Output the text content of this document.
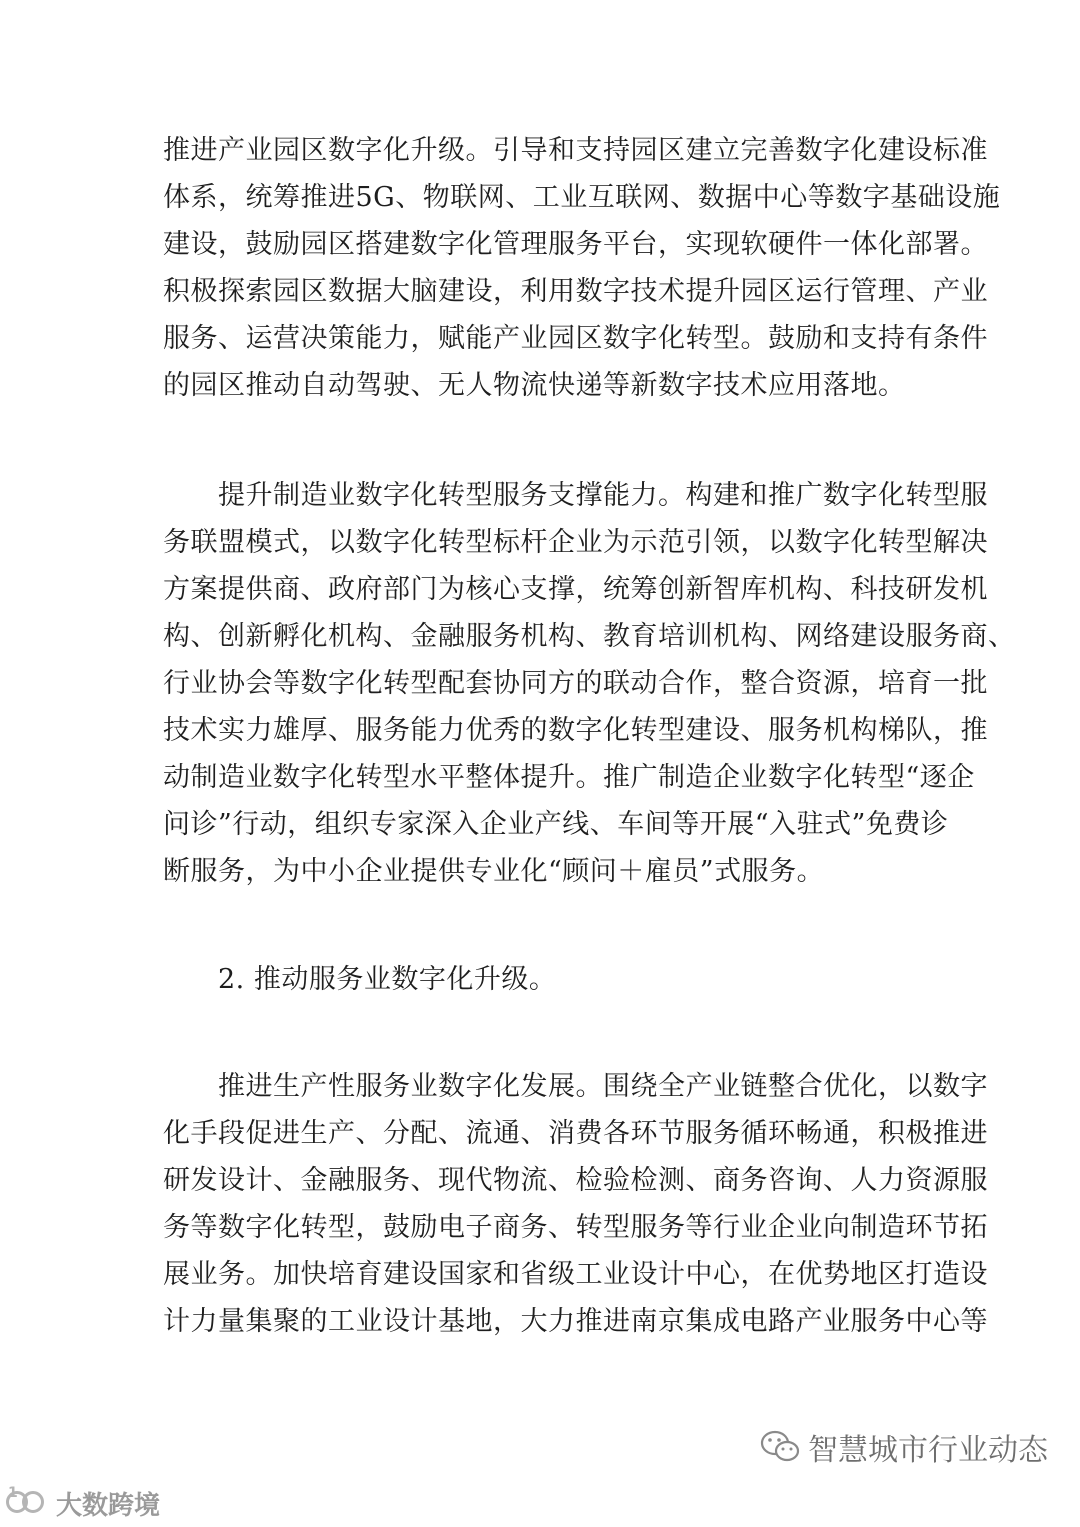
推进产业园区数字化升级。引导和支持园区建立完善数字化建设标准
体系，统筹推进5G、物联网、工业互联网、数据中心等数字基础设施
建设，鼓励园区搭建数字化管理服务平台，实现软硬件一体化部署。
积极探索园区数据大脑建设，利用数字技术提升园区运行管理、产业
服务、运营决策能力，赋能产业园区数字化转型。鼓励和支持有条件
的园区推动自动驾驶、无人物流快递等新数字技术应用落地。
提升制造业数字化转型服务支撑能力。构建和推广数字化转型服
务联盟模式，以数字化转型标杆企业为示范引领，以数字化转型解决
方案提供商、政府部门为核心支撑，统筹创新智库机构、科技研发机
构、创新孵化机构、金融服务机构、教育培训机构、网络建设服务商、
行业协会等数字化转型配套协同方的联动合作，整合资源，培育一批
技术实力雄厚、服务能力优秀的数字化转型建设、服务机构梯队，推
动制造业数字化转型水平整体提升。推广制造企业数字化转型“逐企
问诊”行动，组织专家深入企业产线、车间等开展“入驻式”免费诊
断服务，为中小企业提供专业化“顾问＋雇员”式服务。
2. 推动服务业数字化升级。
推进生产性服务业数字化发展。围绕全产业链整合优化，以数字
化手段促进生产、分配、流通、消费各环节服务循环畅通，积极推进
研发设计、金融服务、现代物流、检验检测、商务咨询、人力资源服
务等数字化转型，鼓励电子商务、转型服务等行业企业向制造环节拓
展业务。加快培育建设国家和省级工业设计中心，在优势地区打造设
计力量集聚的工业设计基地，大力推进南京集成电路产业服务中心等
1 大数跨境
智慧城市行业动态
